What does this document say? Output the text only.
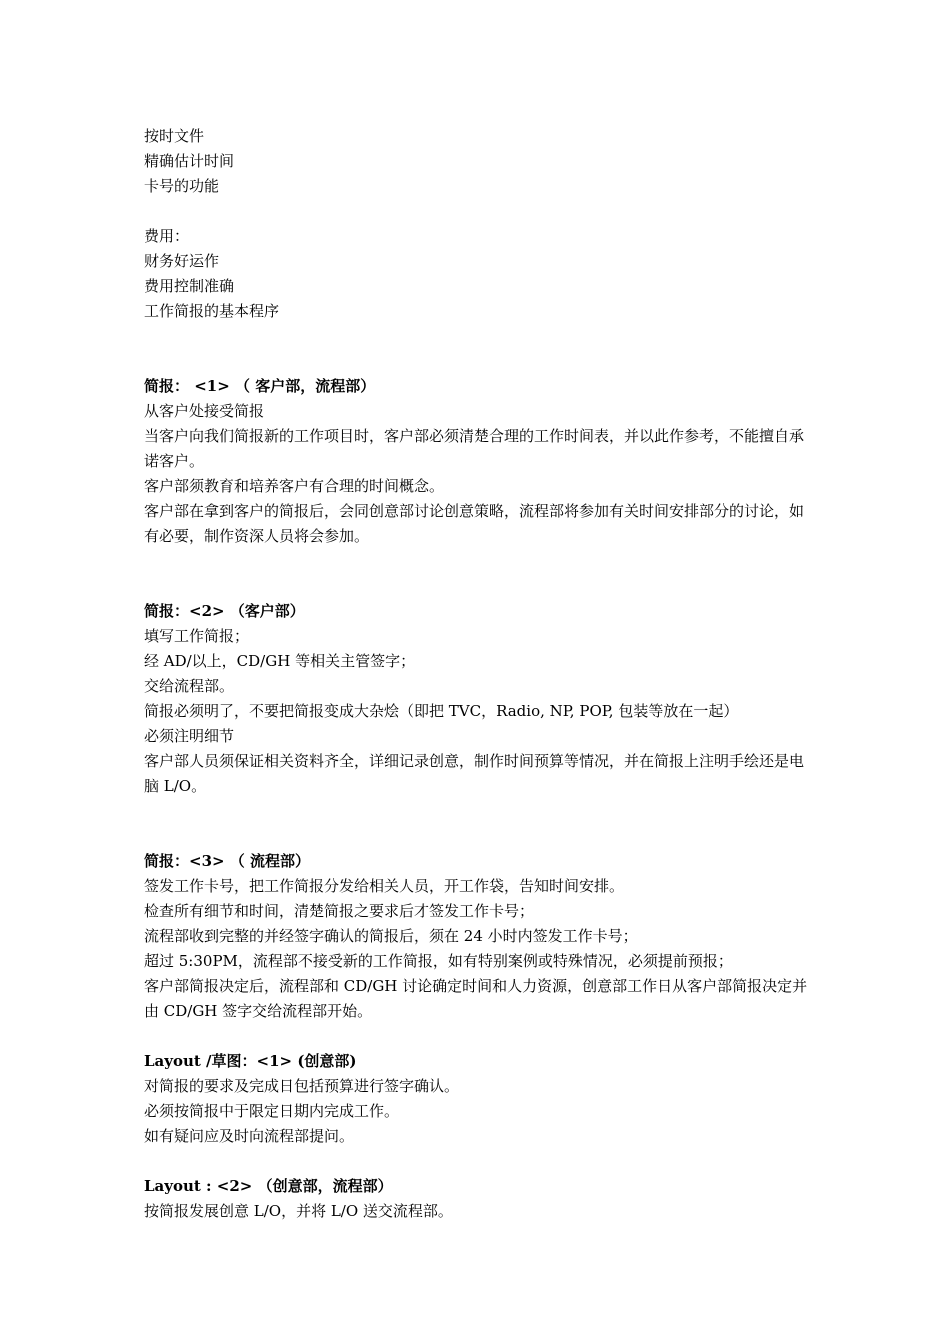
按时文件

精确估计时间

卡号的功能

费用：

财务好运作

费用控制准确

工作简报的基本程序

简报： <1> （ 客户部，流程部）

从客户处接受简报

当客户向我们简报新的工作项目时，客户部必须清楚合理的工作时间表，并以此作参考，不能擅自承诺客户。

客户部须教育和培养客户有合理的时间概念。

客户部在拿到客户的简报后，会同创意部讨论创意策略，流程部将参加有关时间安排部分的讨论，如有必要，制作资深人员将会参加。

简报：<2> （客户部）

填写工作简报；

经 AD/以上，CD/GH 等相关主管签字；

交给流程部。

简报必须明了，不要把简报变成大杂烩（即把 TVC，Radio, NP, POP, 包装等放在一起）

必须注明细节

客户部人员须保证相关资料齐全，详细记录创意，制作时间预算等情况，并在简报上注明手绘还是电脑 L/O。

简报：<3> （ 流程部）

签发工作卡号，把工作简报分发给相关人员，开工作袋，告知时间安排。

检查所有细节和时间，清楚简报之要求后才签发工作卡号；

流程部收到完整的并经签字确认的简报后，须在 24 小时内签发工作卡号；

超过 5:30PM，流程部不接受新的工作简报，如有特别案例或特殊情况，必须提前预报；

客户部简报决定后，流程部和 CD/GH 讨论确定时间和人力资源，创意部工作日从客户部简报决定并由 CD/GH 签字交给流程部开始。

Layout /草图：<1> (创意部)

对简报的要求及完成日包括预算进行签字确认。

必须按简报中于限定日期内完成工作。

如有疑问应及时向流程部提问。

Layout : <2> （创意部，流程部）

按简报发展创意 L/O，并将 L/O 送交流程部。
